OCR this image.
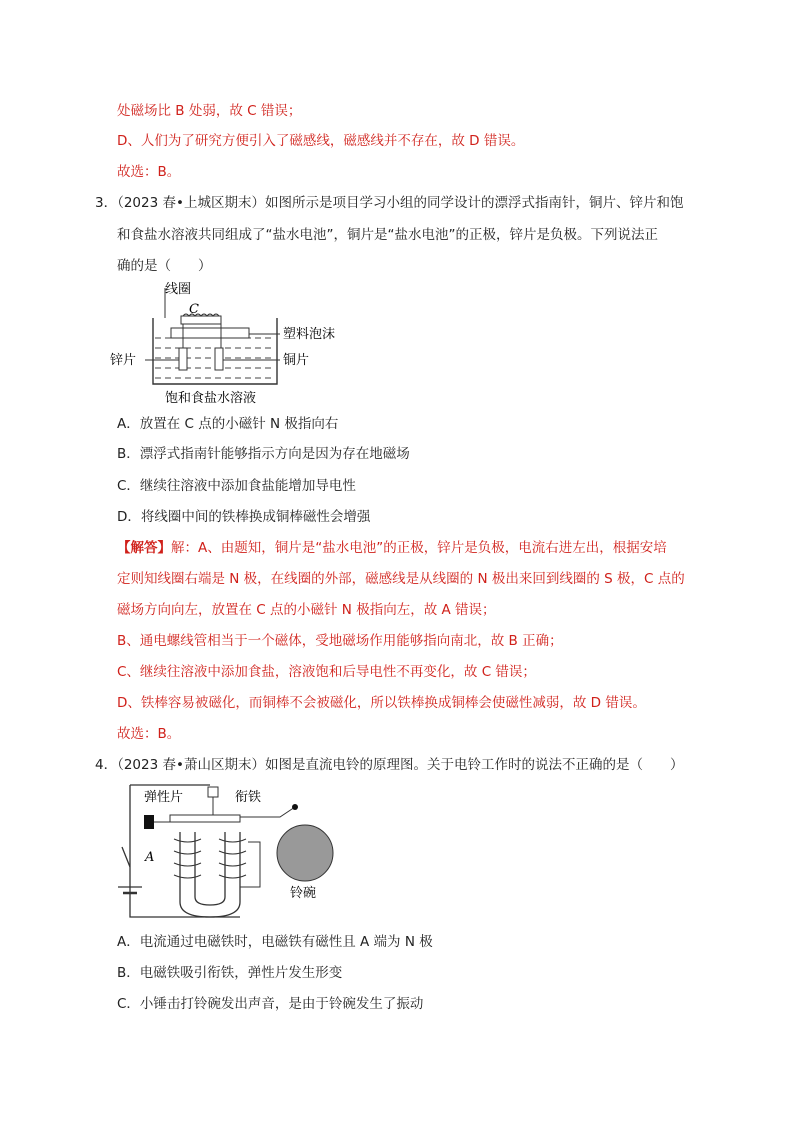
处磁场比 B 处弱，故 C 错误；
D、人们为了研究方便引入了磁感线，磁感线并不存在，故 D 错误。
故选：B。
3．（2023 春•上城区期末）如图所示是项目学习小组的同学设计的漂浮式指南针，铜片、锌片和饱
和食盐水溶液共同组成了“盐水电池”，铜片是“盐水电池”的正极，锌片是负极。下列说法正
确的是（　　）
线圈
C
塑料泡沫
锌片	铜片
饱和食盐水溶液
A．放置在 C 点的小磁针 N 极指向右
B．漂浮式指南针能够指示方向是因为存在地磁场
C．继续往溶液中添加食盐能增加导电性
D．将线圈中间的铁棒换成铜棒磁性会增强
【解答】解：A、由题知，铜片是“盐水电池”的正极，锌片是负极，电流右进左出，根据安培
定则知线圈右端是 N 极，在线圈的外部，磁感线是从线圈的 N 极出来回到线圈的 S 极，C 点的
磁场方向向左，放置在 C 点的小磁针 N 极指向左，故 A 错误；
B、通电螺线管相当于一个磁体，受地磁场作用能够指向南北，故 B 正确；
C、继续往溶液中添加食盐，溶液饱和后导电性不再变化，故 C 错误；
D、铁棒容易被磁化，而铜棒不会被磁化，所以铁棒换成铜棒会使磁性减弱，故 D 错误。
故选：B。
4．（2023 春•萧山区期末）如图是直流电铃的原理图。关于电铃工作时的说法不正确的是（　　）
弹性片	衔铁
A
铃碗
A．电流通过电磁铁时，电磁铁有磁性且 A 端为 N 极
B．电磁铁吸引衔铁，弹性片发生形变
C．小锤击打铃碗发出声音，是由于铃碗发生了振动
